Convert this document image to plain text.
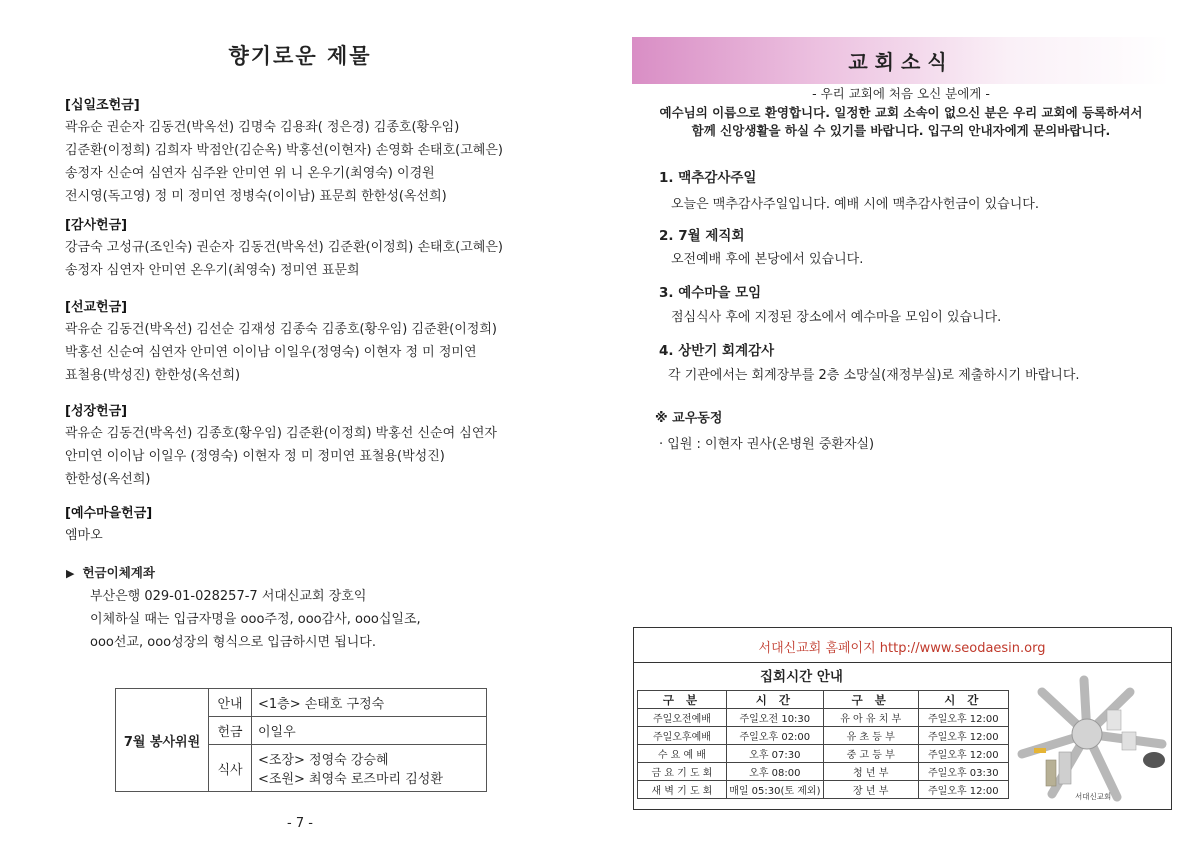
향기로운 제물
[십일조헌금]
곽유순 권순자 김동건(박옥선) 김명숙 김용좌( 정은경) 김종호(황우임)
김준환(이정희) 김희자 박점안(김순옥) 박홍선(이현자) 손영화 손태호(고혜은)
송정자 신순여 심연자 심주완 안미연 위 니 온우기(최영숙) 이경원
전시영(독고영) 정 미 정미연 정병숙(이이남) 표문희 한한성(옥선희)
[감사헌금]
강금숙 고성규(조인숙) 권순자 김동건(박옥선) 김준환(이정희) 손태호(고혜은)
송정자 심연자 안미연 온우기(최영숙) 정미연 표문희
[선교헌금]
곽유순 김동건(박옥선) 김선순 김재성 김종숙 김종호(황우임) 김준환(이정희)
박홍선 신순여 심연자 안미연 이이남 이일우(정영숙) 이현자 정 미 정미연
표철용(박성진) 한한성(옥선희)
[성장헌금]
곽유순 김동건(박옥선) 김종호(황우임) 김준환(이정희) 박홍선 신순여 심연자
안미연 이이남 이일우 (정영숙) 이현자 정 미 정미연 표철용(박성진)
한한성(옥선희)
[예수마을헌금]
엠마오
▶ 헌금이체계좌
부산은행 029-01-028257-7 서대신교회 장호익
이체하실 때는 입금자명을 ooo주정, ooo감사, ooo십일조,
ooo선교, ooo성장의 형식으로 입금하시면 됩니다.
7월 봉사위원	안내	<1층> 손태호 구정숙
	헌금	이일우
	식사	<조장> 정영숙 강승혜
<조원> 최영숙 로즈마리 김성환
- 7 -
교회소식
- 우리 교회에 처음 오신 분에게 -
예수님의 이름으로 환영합니다. 일정한 교회 소속이 없으신 분은 우리 교회에 등록하셔서
함께 신앙생활을 하실 수 있기를 바랍니다. 입구의 안내자에게 문의바랍니다.
1. 맥추감사주일
오늘은 맥추감사주일입니다. 예배 시에 맥추감사헌금이 있습니다.
2. 7월 제직회
오전예배 후에 본당에서 있습니다.
3. 예수마을 모임
점심식사 후에 지정된 장소에서 예수마을 모임이 있습니다.
4. 상반기 회계감사
각 기관에서는 회계장부를 2층 소망실(재정부실)로 제출하시기 바랍니다.
※ 교우동정
· 입원 : 이현자 권사(온병원 중환자실)
서대신교회 홈페이지 http://www.seodaesin.org
집회시간 안내
구 분	시 간	구 분	시 간
주일오전예배	주일오전 10:30	유 아 유 치 부	주일오후 12:00
주일오후예배	주일오후 02:00	유 초 등 부	주일오후 12:00
수 요 예 배	오후 07:30	중 고 등 부	주일오후 12:00
금 요 기 도 회	오후 08:00	청 년 부	주일오후 03:30
새 벽 기 도 회	매일 05:30(토 제외)	장 년 부	주일오후 12:00	서대신교회
